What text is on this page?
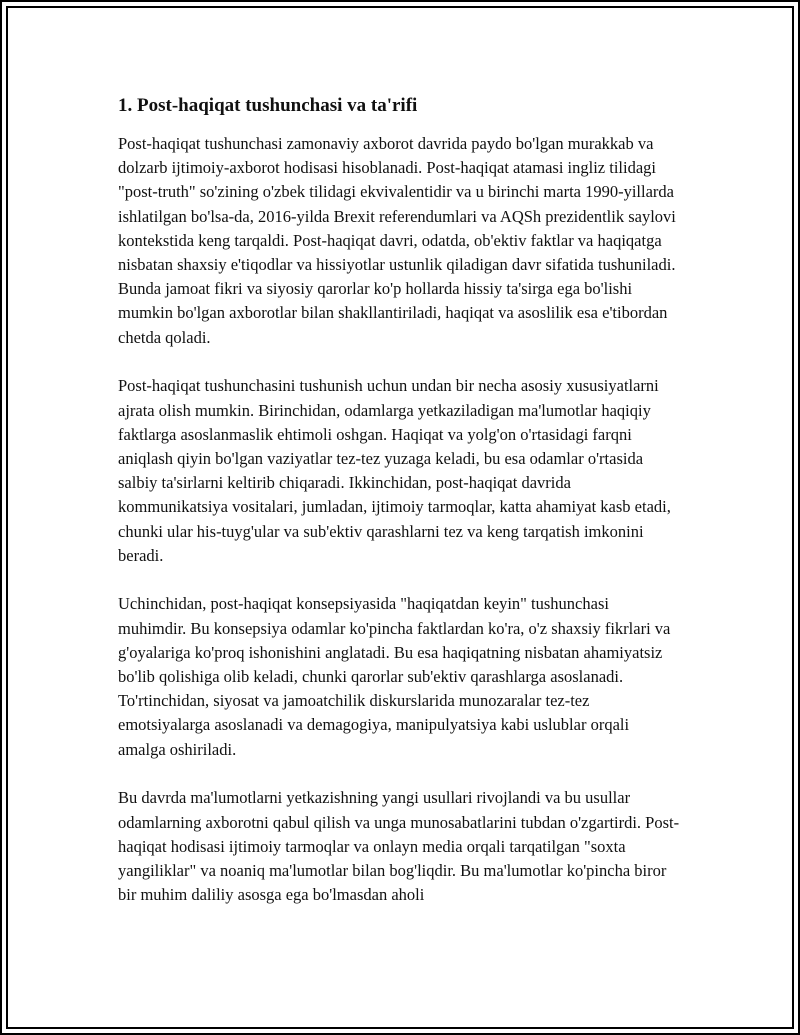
1. Post-haqiqat tushunchasi va ta'rifi

Post-haqiqat tushunchasi zamonaviy axborot davrida paydo bo'lgan murakkab va dolzarb ijtimoiy-axborot hodisasi hisoblanadi. Post-haqiqat atamasi ingliz tilidagi "post-truth" so'zining o'zbek tilidagi ekvivalentidir va u birinchi marta 1990-yillarda ishlatilgan bo'lsa-da, 2016-yilda Brexit referendumlari va AQSh prezidentlik saylovi kontekstida keng tarqaldi. Post-haqiqat davri, odatda, ob'ektiv faktlar va haqiqatga nisbatan shaxsiy e'tiqodlar va hissiyotlar ustunlik qiladigan davr sifatida tushuniladi. Bunda jamoat fikri va siyosiy qarorlar ko'p hollarda hissiy ta'sirga ega bo'lishi mumkin bo'lgan axborotlar bilan shakllantiriladi, haqiqat va asoslilik esa e'tibordan chetda qoladi.

Post-haqiqat tushunchasini tushunish uchun undan bir necha asosiy xususiyatlarni ajrata olish mumkin. Birinchidan, odamlarga yetkaziladigan ma'lumotlar haqiqiy faktlarga asoslanmaslik ehtimoli oshgan. Haqiqat va yolg'on o'rtasidagi farqni aniqlash qiyin bo'lgan vaziyatlar tez-tez yuzaga keladi, bu esa odamlar o'rtasida salbiy ta'sirlarni keltirib chiqaradi. Ikkinchidan, post-haqiqat davrida kommunikatsiya vositalari, jumladan, ijtimoiy tarmoqlar, katta ahamiyat kasb etadi, chunki ular his-tuyg'ular va sub'ektiv qarashlarni tez va keng tarqatish imkonini beradi.

Uchinchidan, post-haqiqat konsepsiyasida "haqiqatdan keyin" tushunchasi muhimdir. Bu konsepsiya odamlar ko'pincha faktlardan ko'ra, o'z shaxsiy fikrlari va g'oyalariga ko'proq ishonishini anglatadi. Bu esa haqiqatning nisbatan ahamiyatsiz bo'lib qolishiga olib keladi, chunki qarorlar sub'ektiv qarashlarga asoslanadi. To'rtinchidan, siyosat va jamoatchilik diskurslarida munozaralar tez-tez emotsiyalarga asoslanadi va demagogiya, manipulyatsiya kabi uslublar orqali amalga oshiriladi.

Bu davrda ma'lumotlarni yetkazishning yangi usullari rivojlandi va bu usullar odamlarning axborotni qabul qilish va unga munosabatlarini tubdan o'zgartirdi. Post-haqiqat hodisasi ijtimoiy tarmoqlar va onlayn media orqali tarqatilgan "soxta yangiliklar" va noaniq ma'lumotlar bilan bog'liqdir. Bu ma'lumotlar ko'pincha biror bir muhim daliliy asosga ega bo'lmasdan aholi
